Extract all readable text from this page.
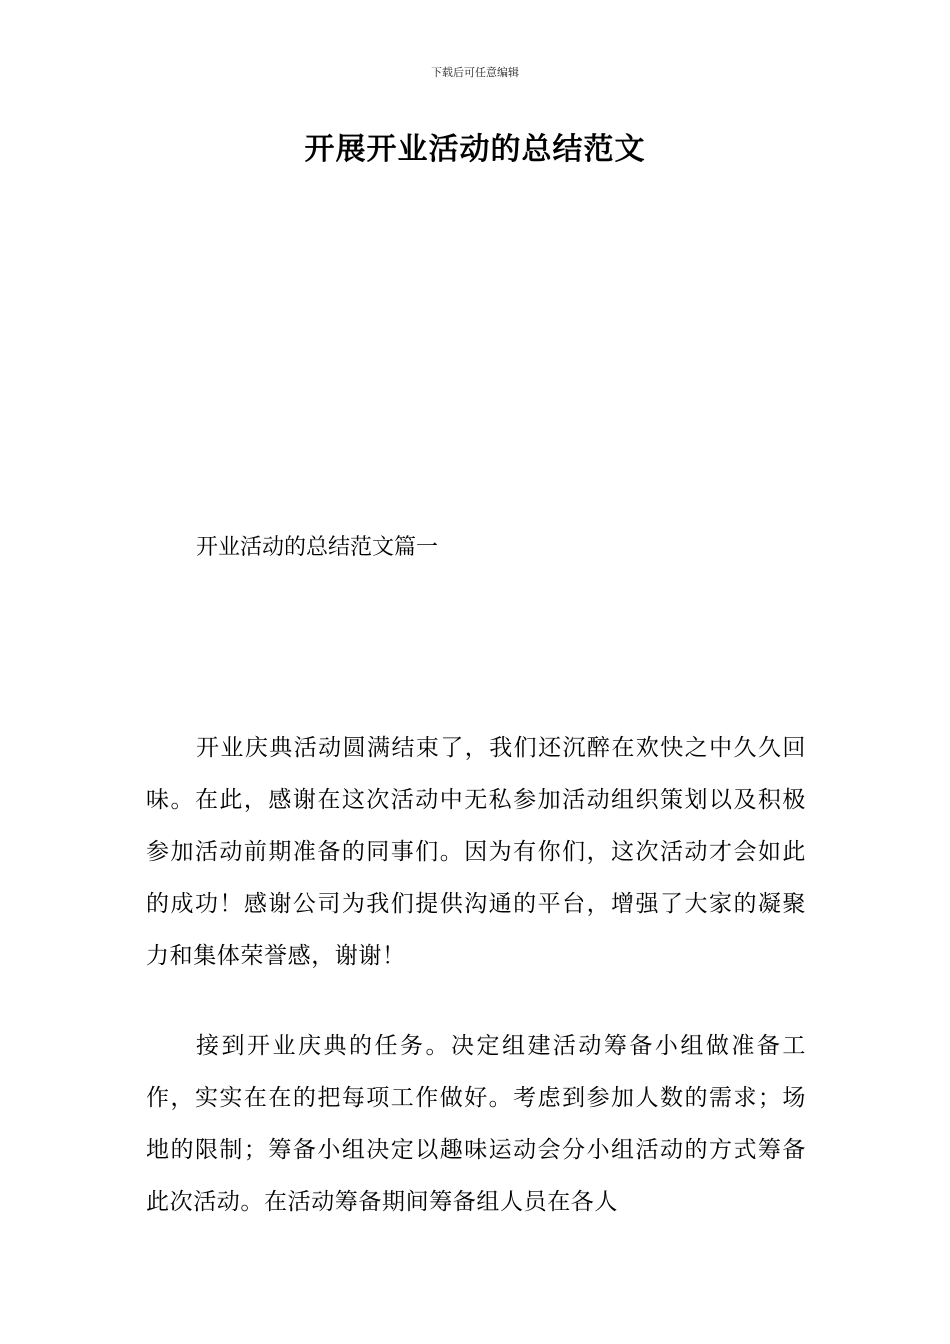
下载后可任意编辑
开展开业活动的总结范文
开业活动的总结范文篇一

开业庆典活动圆满结束了，我们还沉醉在欢快之中久久回味。在此，感谢在这次活动中无私参加活动组织策划以及积极参加活动前期准备的同事们。因为有你们，这次活动才会如此的成功！感谢公司为我们提供沟通的平台，增强了大家的凝聚力和集体荣誉感，谢谢！

接到开业庆典的任务。决定组建活动筹备小组做准备工作，实实在在的把每项工作做好。考虑到参加人数的需求；场地的限制；筹备小组决定以趣味运动会分小组活动的方式筹备此次活动。在活动筹备期间筹备组人员在各人
